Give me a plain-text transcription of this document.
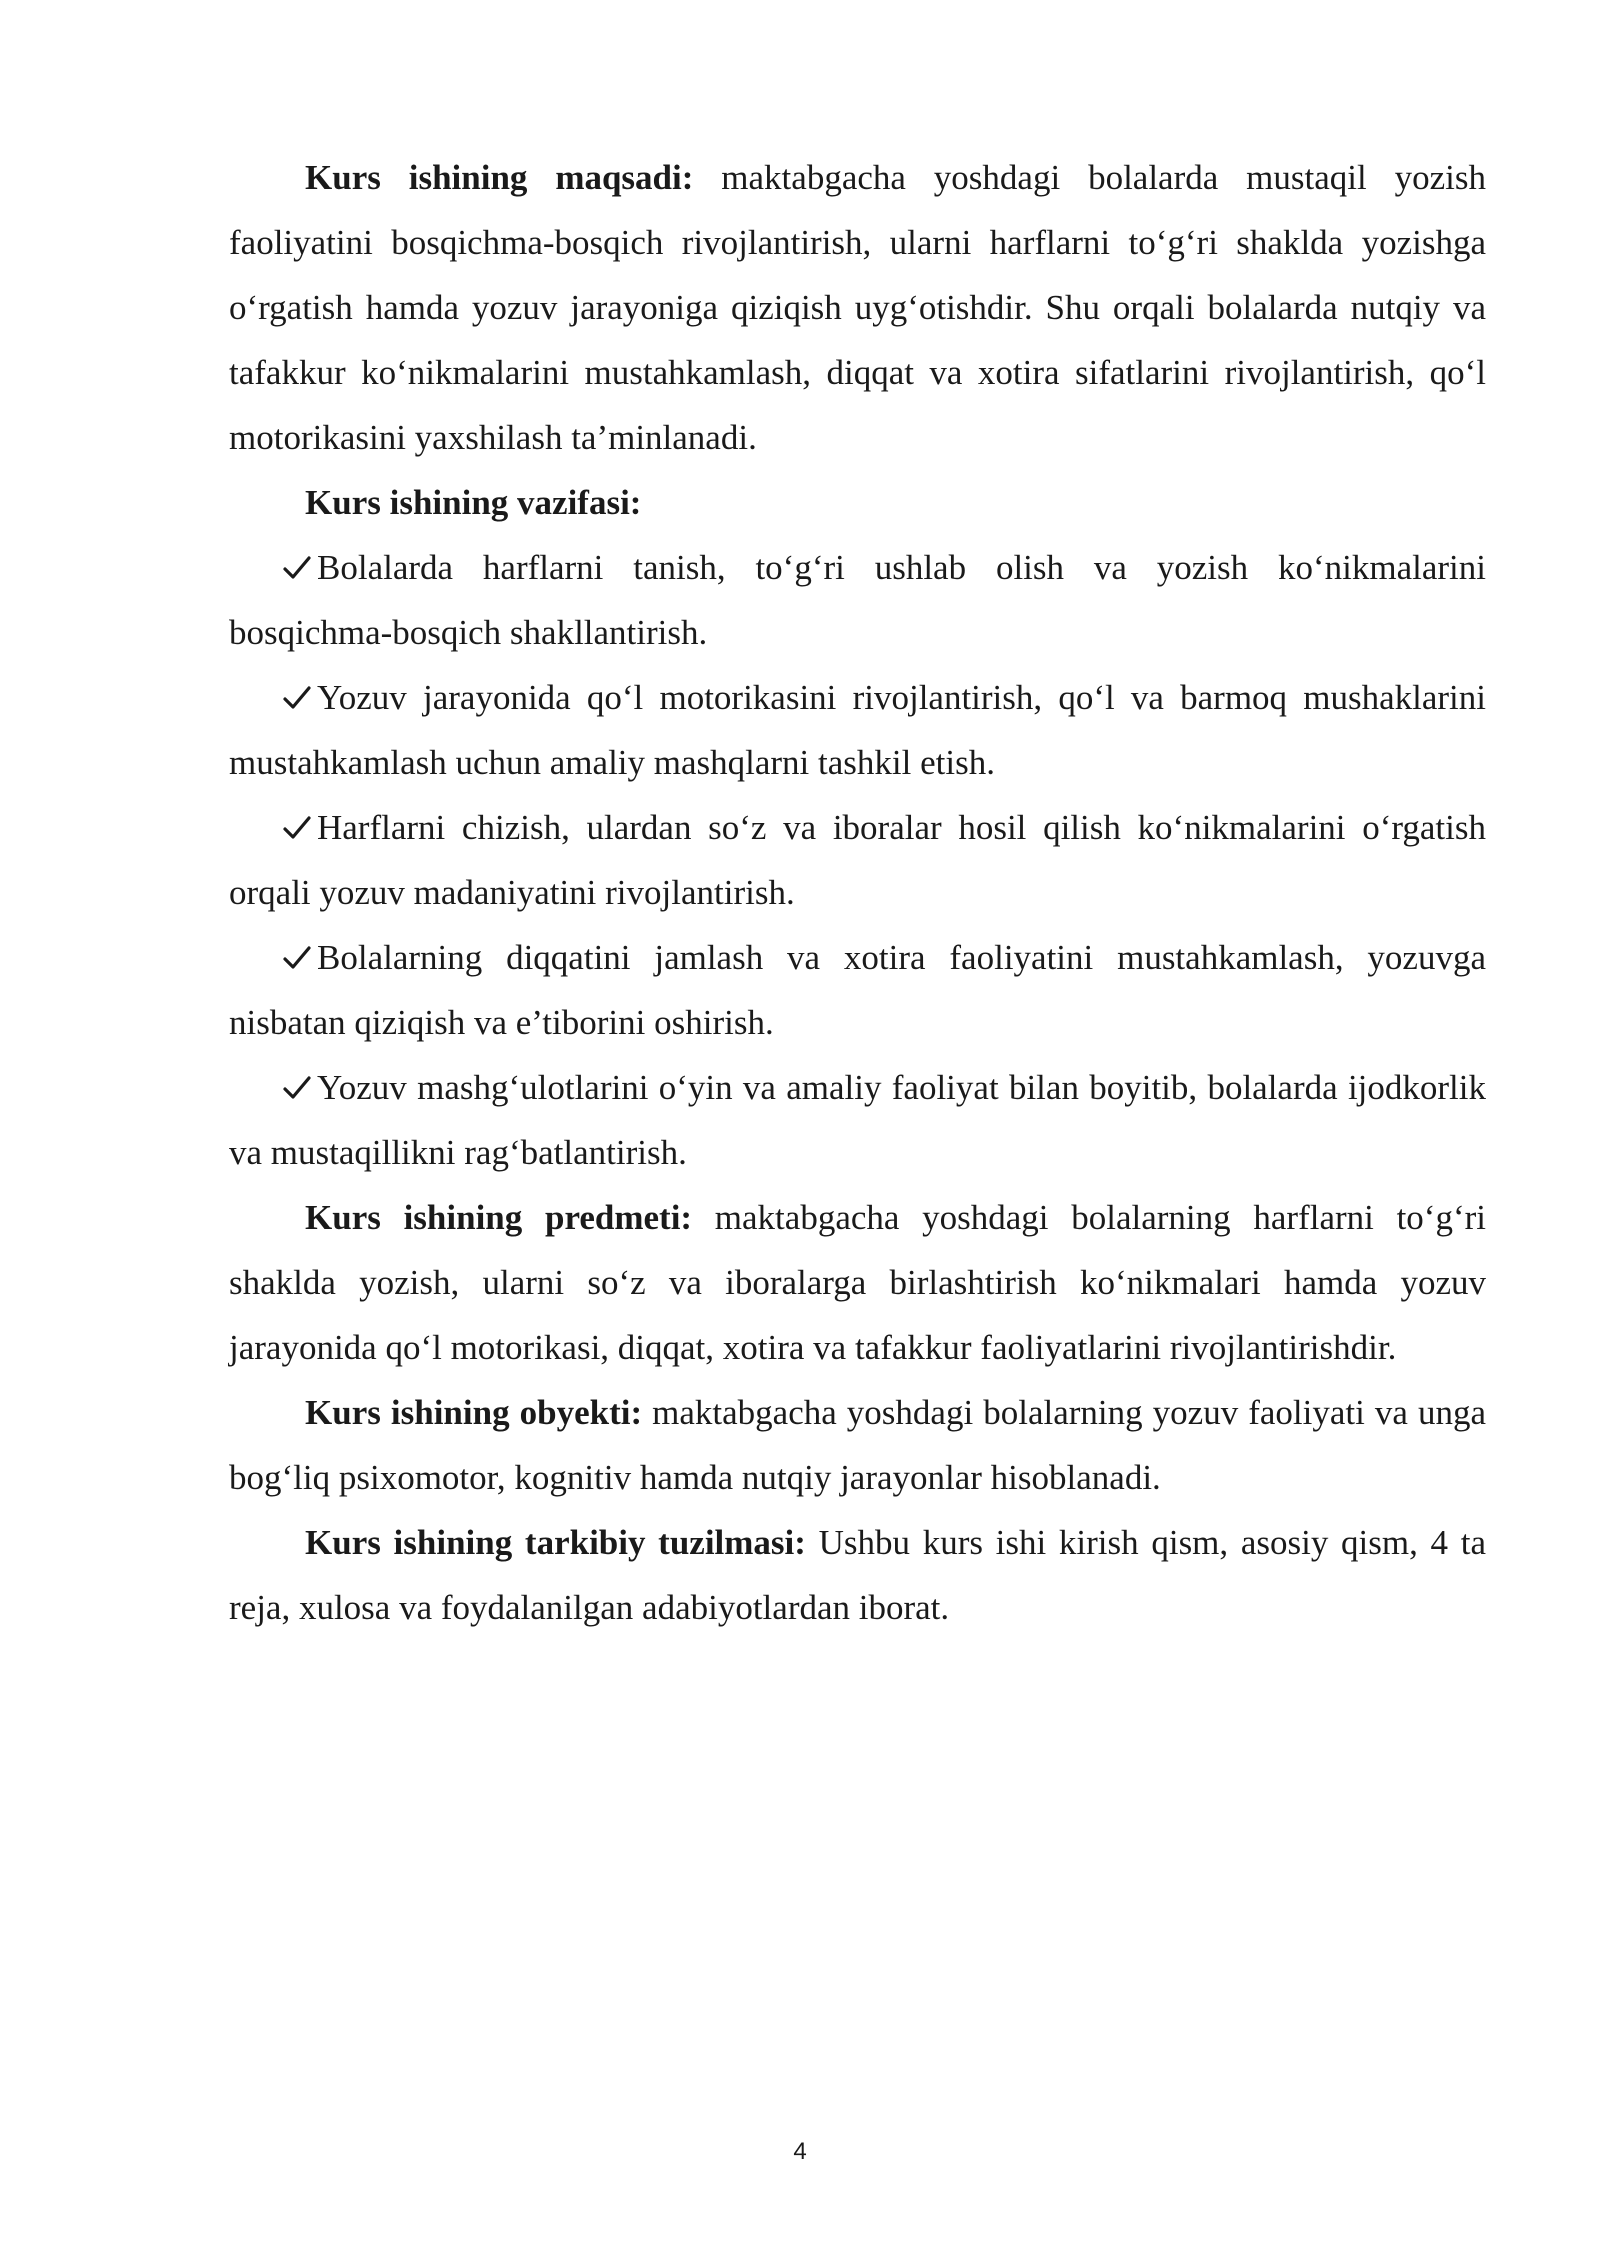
Kurs ishining maqsadi: maktabgacha yoshdagi bolalarda mustaqil yozish faoliyatini bosqichma-bosqich rivojlantirish, ularni harflarni to‘g‘ri shaklda yozishga o‘rgatish hamda yozuv jarayoniga qiziqish uyg‘otishdir. Shu orqali bolalarda nutqiy va tafakkur ko‘nikmalarini mustahkamlash, diqqat va xotira sifatlarini rivojlantirish, qo‘l motorikasini yaxshilash ta’minlanadi.

Kurs ishining vazifasi:

Bolalarda harflarni tanish, to‘g‘ri ushlab olish va yozish ko‘nikmalarini bosqichma-bosqich shakllantirish.

Yozuv jarayonida qo‘l motorikasini rivojlantirish, qo‘l va barmoq mushaklarini mustahkamlash uchun amaliy mashqlarni tashkil etish.

Harflarni chizish, ulardan so‘z va iboralar hosil qilish ko‘nikmalarini o‘rgatish orqali yozuv madaniyatini rivojlantirish.

Bolalarning diqqatini jamlash va xotira faoliyatini mustahkamlash, yozuvga nisbatan qiziqish va e’tiborini oshirish.

Yozuv mashg‘ulotlarini o‘yin va amaliy faoliyat bilan boyitib, bolalarda ijodkorlik va mustaqillikni rag‘batlantirish.

Kurs ishining predmeti: maktabgacha yoshdagi bolalarning harflarni to‘g‘ri shaklda yozish, ularni so‘z va iboralarga birlashtirish ko‘nikmalari hamda yozuv jarayonida qo‘l motorikasi, diqqat, xotira va tafakkur faoliyatlarini rivojlantirishdir.

Kurs ishining obyekti: maktabgacha yoshdagi bolalarning yozuv faoliyati va unga bog‘liq psixomotor, kognitiv hamda nutqiy jarayonlar hisoblanadi.

Kurs ishining tarkibiy tuzilmasi: Ushbu kurs ishi kirish qism, asosiy qism, 4 ta reja, xulosa va foydalanilgan adabiyotlardan iborat.

4
